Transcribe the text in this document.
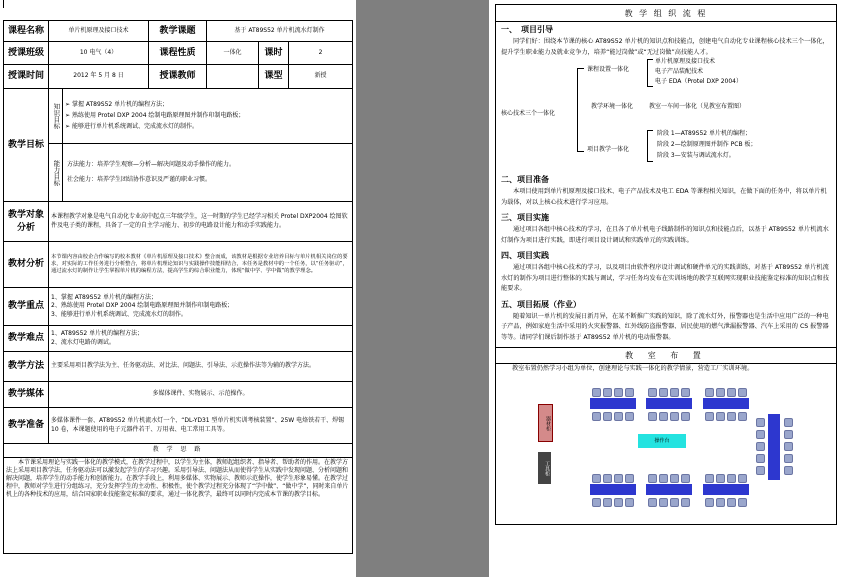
课程名称	单片机原理及接口技术		教学课题	基于 AT89S52 单片机流水灯制作		
授课班级	10 电气（4）		课程性质	一体化	课时	2
授课时间	2012 年 5 月 8 日		授课教师		课型	新授
教学目标	知识目标	➢ 掌握 AT89S52 单片机的编程方法；
➢ 熟练使用 Protel DXP 2004 绘制电路原理图并制作印制电路板；
➢ 能够进行单片机系统调试、完成流水灯的制作。				

	能力目标	方法能力：培养学生观察—分析—解决问题及动手操作的能力。
社会能力：培养学生团结协作意识及严谨的职业习惯。				

教学对象分析	本课程教学对象是电气自动化专业高中起点三年级学生，这一时期的学生已经学习相关 Protel DXP2004 绘图软件及电子类的课程，具备了一定的自主学习能力、初步的电路设计能力和动手实践能力。					
教材分析	本节课内容由校企合作编写的校本教材《单片机原理及接口技术》整合而成，该教材是根据专业培养目标与单片机相关岗位的要求，对实际的工作任务进行分析整合，将单片机理论知识与实践操作技能相结合，本任务是教材中的一个任务，以“任务驱动”，通过流水灯的制作让学生掌握单片机的编程方法，提高学生的综合职业能力，体现“做中学、学中做”的教学理念。					
教学重点	1、掌握 AT89S52 单片机的编程方法；
2、熟练使用 Protel DXP 2004 绘制电路原理图并制作印制电路板；
3、能够进行单片机系统调试、完成流水灯的制作。					

教学难点	1、AT89S52 单片机的编程方法；
2、流水灯电路的调试。					

教学方法	主要采用项目教学法为主、任务驱动法、对比法、问题法、引导法、示范操作法等为辅的教学方法。					
教学媒体	多媒体课件、实物展示、示范操作。					
教学准备	多媒体课件一套、AT89S52 单片机流水灯一个、“DL-YD31 型单片机实训考核装置”、25W 电烙铁若干、焊锡 10 卷，本课题使用的电子元器件若干、万用表、电工常用工具等。					
教 学 思 路						
本节课采用理论与实践一体化的教学模式，在教学过程中，以学生为主体，教师起组织者、指导者、帮助者的作用。在教学方法上采用项目教学法，任务驱动法可以激发起学生的学习兴趣。采用引导法、问题法从而使得学生从实践中发现问题、分析问题和解决问题，培养学生的动手能力和创新能力。在教学手段上，利用多媒体、实物展示、教师示范操作，使学生形象易懂。在教学过程中，教师对学生进行分组练习，充分发挥学生的主动性、积极性，使个教学过程充分体现了“学中做”、“做中学”，同时来自单片机上的各种技术的应用，结合国家职业技能鉴定标准的要求，通过一体化教学，最终可以同时内完成本节课的教学目标。						
教 学 组 织 流 程

一、　项目引导
同学们好：围绕本节课的核心 AT89S52 单片机的知识点和技能点，创建电气自动化专业课程核心技术三个一体化，提升学生职业能力及就业竞争力，培养“能过岗做”或“无过岗做”高技能人才。
核心技术三个一体化
课程设置一体化
单片机原理及接口技术
电子产品装配技术
电子 EDA（Protel DXP 2004）
教学环境一体化	教室一车间一体化（见教室布置图）
项目教学一体化
阶段 1—AT89S52 单片机的编程；
阶段 2—绘制原理图并制作 PCB 板；
阶段 3—安装与调试流水灯。
二、项目准备
本项目使用到单片机原理及接口技术、电子产品技术及电工 EDA 等课程相关知识，在做下面的任务中，将以单片机为载体，对以上核心技术进行学习应用。
三、项目实施
通过项目各组中核心技术的学习，在且各了单片机电子线路制作的知识点和技能点后，以基于 AT89S52 单片机流水灯制作为项目进行实践，即进行项目设计调试和实践单元的实践训练。
四、项目实践
通过项目各组中核心技术的学习，以及项目由软件程序设计调试和硬件单元的实践训练，对基于 AT89S52 单片机流水灯的制作为项目进行整体的实践与调试，学习任务均发布在实训场地的教学互联网实现职业技能鉴定标准的知识点和技能要求。
五、项目拓展（作业）
随着知识一单片机的发展日新月异，在某不断推广实践的知识，除了流水灯外，报警器也是生活中应用广泛的一种电子产品，例如家庭生活中采用的火灾报警器、红外线防盗报警器、居民使用的燃气泄漏报警器、汽车上采用的 CS 报警器等等。请同学们课后制作基于 AT89S52 单片机的电动报警器。

教 室 布 置

教室布置仍然学习小组为单位，创建理论与实践一体化的教学情景，营造工厂实训环境。
器材柜
工具柜
操作台
